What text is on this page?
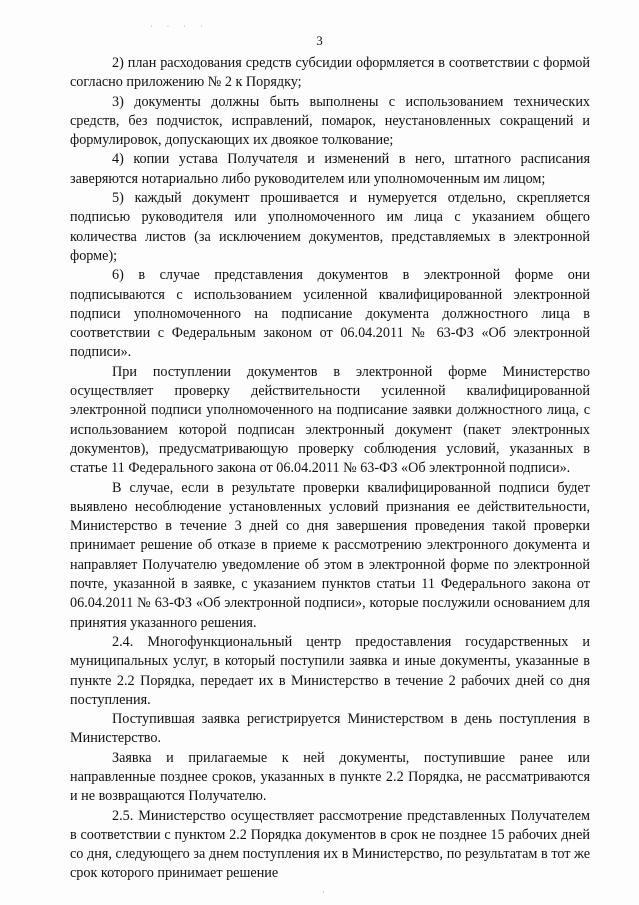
· · · ·
3

2) план расходования средств субсидии оформляется в соответствии с формой согласно приложению № 2 к Порядку;

3) документы должны быть выполнены с использованием технических средств, без подчисток, исправлений, помарок, неустановленных сокращений и формулировок, допускающих их двоякое толкование;

4) копии устава Получателя и изменений в него, штатного расписания заверяются нотариально либо руководителем или уполномоченным им лицом;

5) каждый документ прошивается и нумеруется отдельно, скрепляется подписью руководителя или уполномоченного им лица с указанием общего количества листов (за исключением документов, представляемых в электронной форме);

6) в случае представления документов в электронной форме они подписываются с использованием усиленной квалифицированной электронной подписи уполномоченного на подписание документа должностного лица в соответствии с Федеральным законом от 06.04.2011 № 63-ФЗ «Об электронной подписи».

При поступлении документов в электронной форме Министерство осуществляет проверку действительности усиленной квалифицированной электронной подписи уполномоченного на подписание заявки должностного лица, с использованием которой подписан электронный документ (пакет электронных документов), предусматривающую проверку соблюдения условий, указанных в статье 11 Федерального закона от 06.04.2011 № 63-ФЗ «Об электронной подписи».

В случае, если в результате проверки квалифицированной подписи будет выявлено несоблюдение установленных условий признания ее действительности, Министерство в течение 3 дней со дня завершения проведения такой проверки принимает решение об отказе в приеме к рассмотрению электронного документа и направляет Получателю уведомление об этом в электронной форме по электронной почте, указанной в заявке, с указанием пунктов статьи 11 Федерального закона от 06.04.2011 № 63-ФЗ «Об электронной подписи», которые послужили основанием для принятия указанного решения.

2.4. Многофункциональный центр предоставления государственных и муниципальных услуг, в который поступили заявка и иные документы, указанные в пункте 2.2 Порядка, передает их в Министерство в течение 2 рабочих дней со дня поступления.

Поступившая заявка регистрируется Министерством в день поступления в Министерство.

Заявка и прилагаемые к ней документы, поступившие ранее или направленные позднее сроков, указанных в пункте 2.2 Порядка, не рассматриваются и не возвращаются Получателю.

2.5. Министерство осуществляет рассмотрение представленных Получателем в соответствии с пунктом 2.2 Порядка документов в срок не позднее 15 рабочих дней со дня, следующего за днем поступления их в Министерство, по результатам в тот же срок которого принимает решение

·
